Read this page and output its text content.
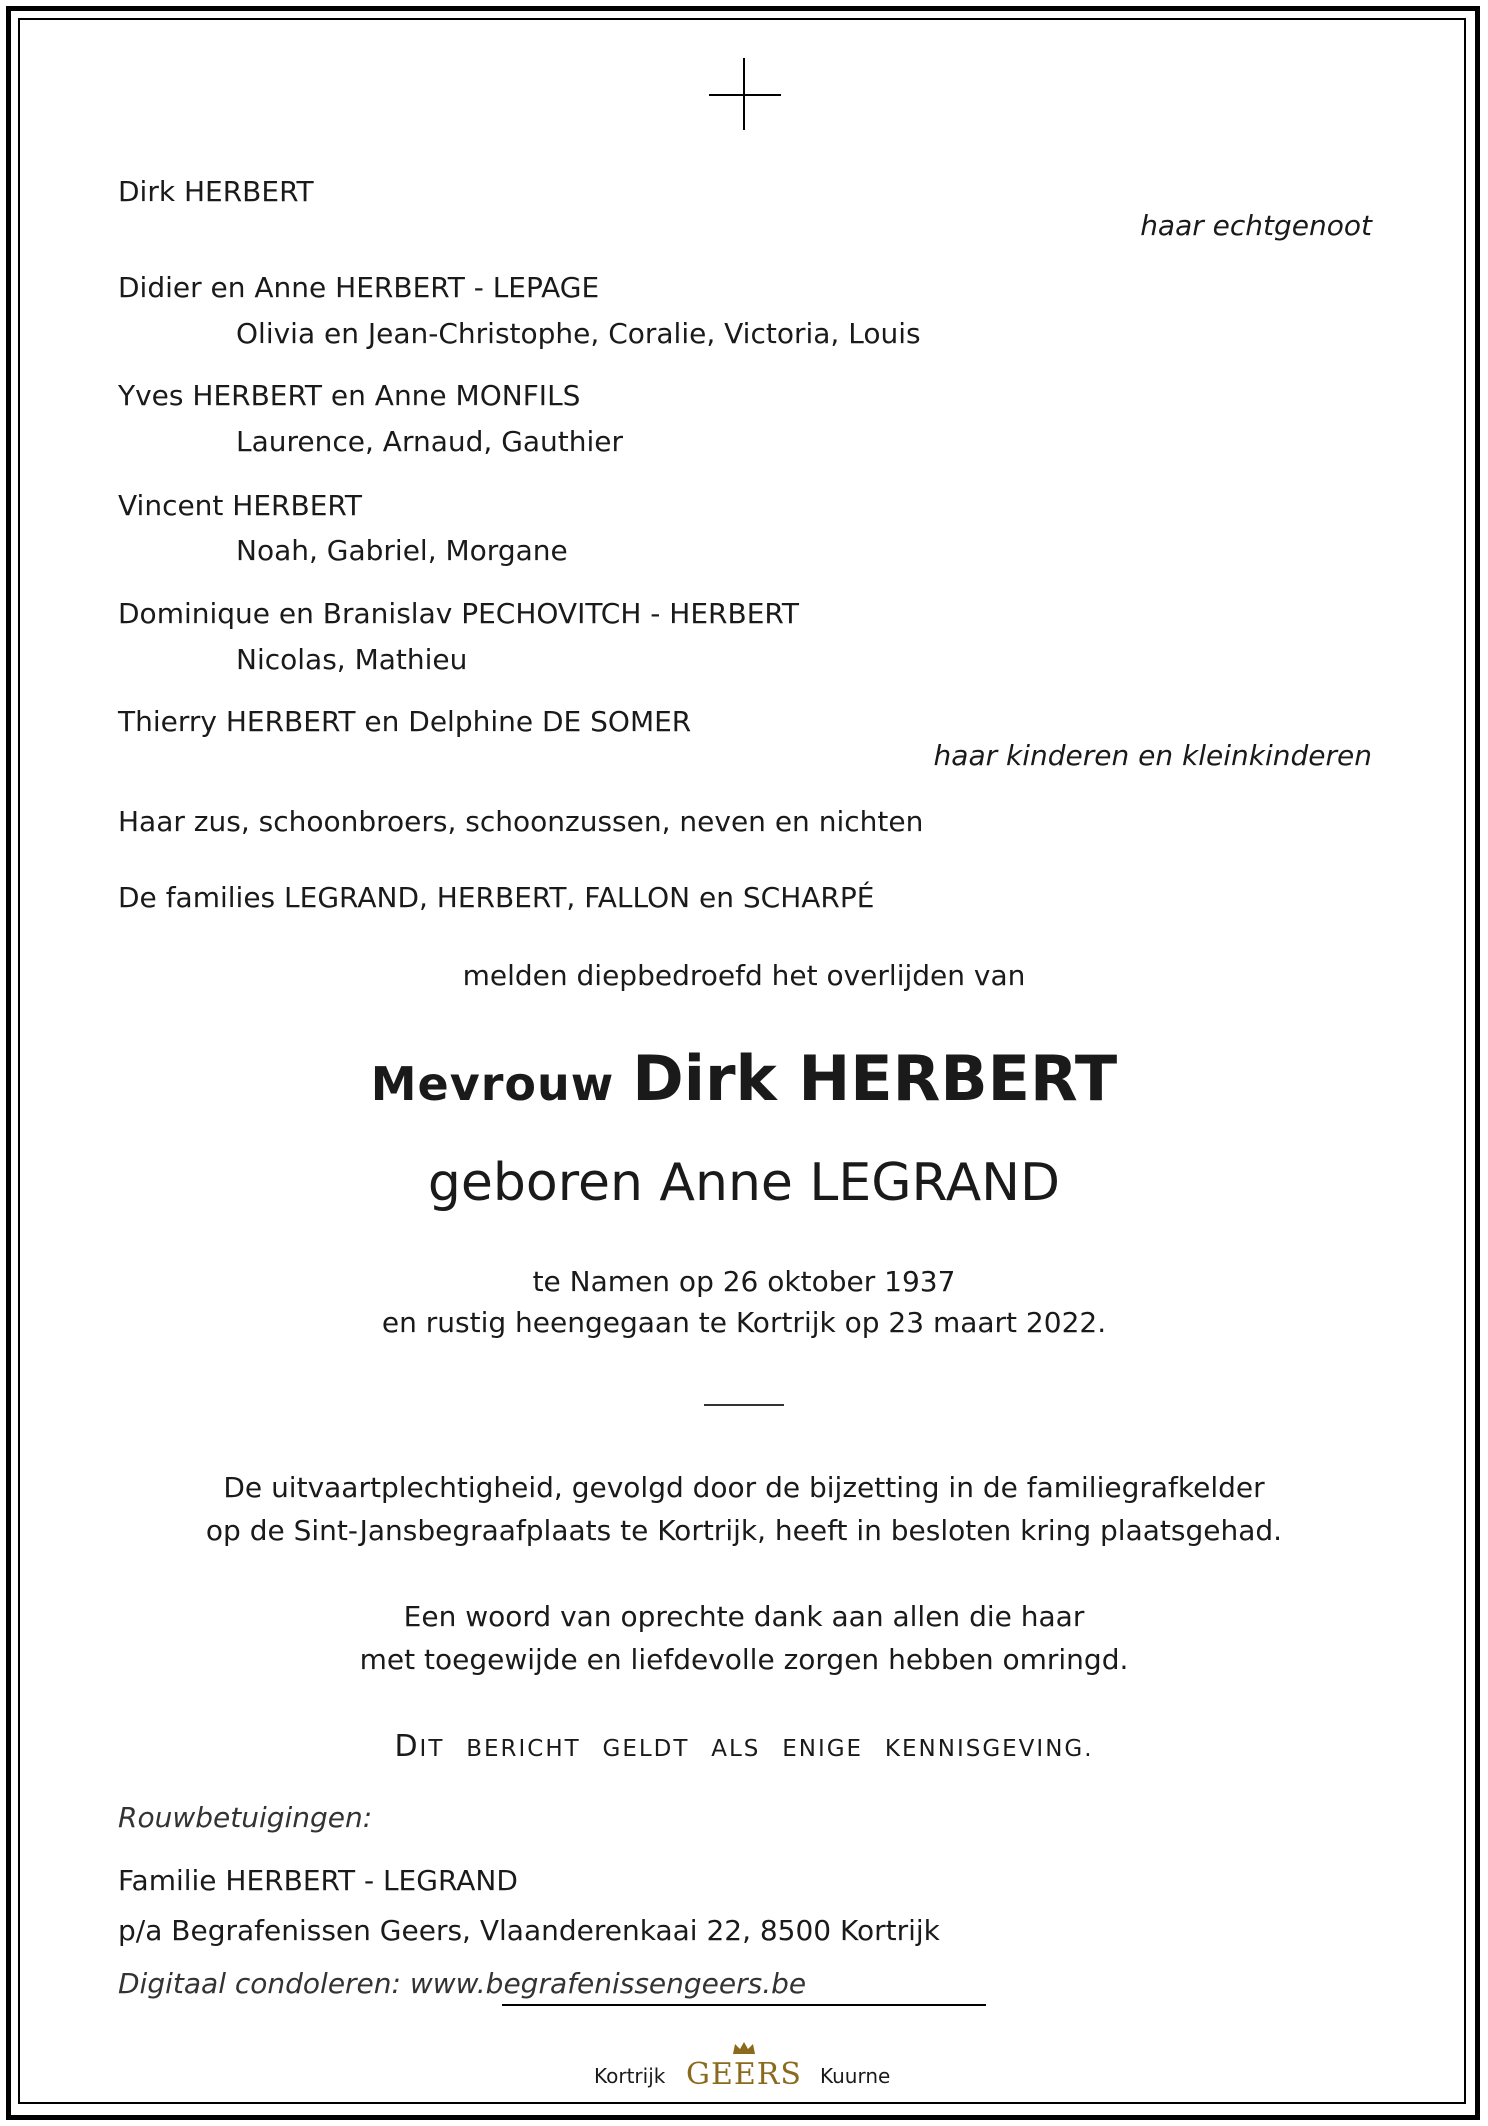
Dirk HERBERT
haar echtgenoot
Didier en Anne HERBERT - LEPAGE
Olivia en Jean-Christophe, Coralie, Victoria, Louis
Yves HERBERT en Anne MONFILS
Laurence, Arnaud, Gauthier
Vincent HERBERT
Noah, Gabriel, Morgane
Dominique en Branislav PECHOVITCH - HERBERT
Nicolas, Mathieu
Thierry HERBERT en Delphine DE SOMER
haar kinderen en kleinkinderen
Haar zus, schoonbroers, schoonzussen, neven en nichten
De families LEGRAND, HERBERT, FALLON en SCHARPÉ
melden diepbedroefd het overlijden van
Mevrouw Dirk HERBERT
geboren Anne LEGRAND
te Namen op 26 oktober 1937
en rustig heengegaan te Kortrijk op 23 maart 2022.
De uitvaartplechtigheid, gevolgd door de bijzetting in de familiegrafkelder
op de Sint-Jansbegraafplaats te Kortrijk, heeft in besloten kring plaatsgehad.
Een woord van oprechte dank aan allen die haar
met toegewijde en liefdevolle zorgen hebben omringd.
DIT BERICHT GELDT ALS ENIGE KENNISGEVING.
Rouwbetuigingen:
Familie HERBERT - LEGRAND
p/a Begrafenissen Geers, Vlaanderenkaai 22, 8500 Kortrijk
Digitaal condoleren: www.begrafenissengeers.be
Kortrijk GEERS Kuurne
